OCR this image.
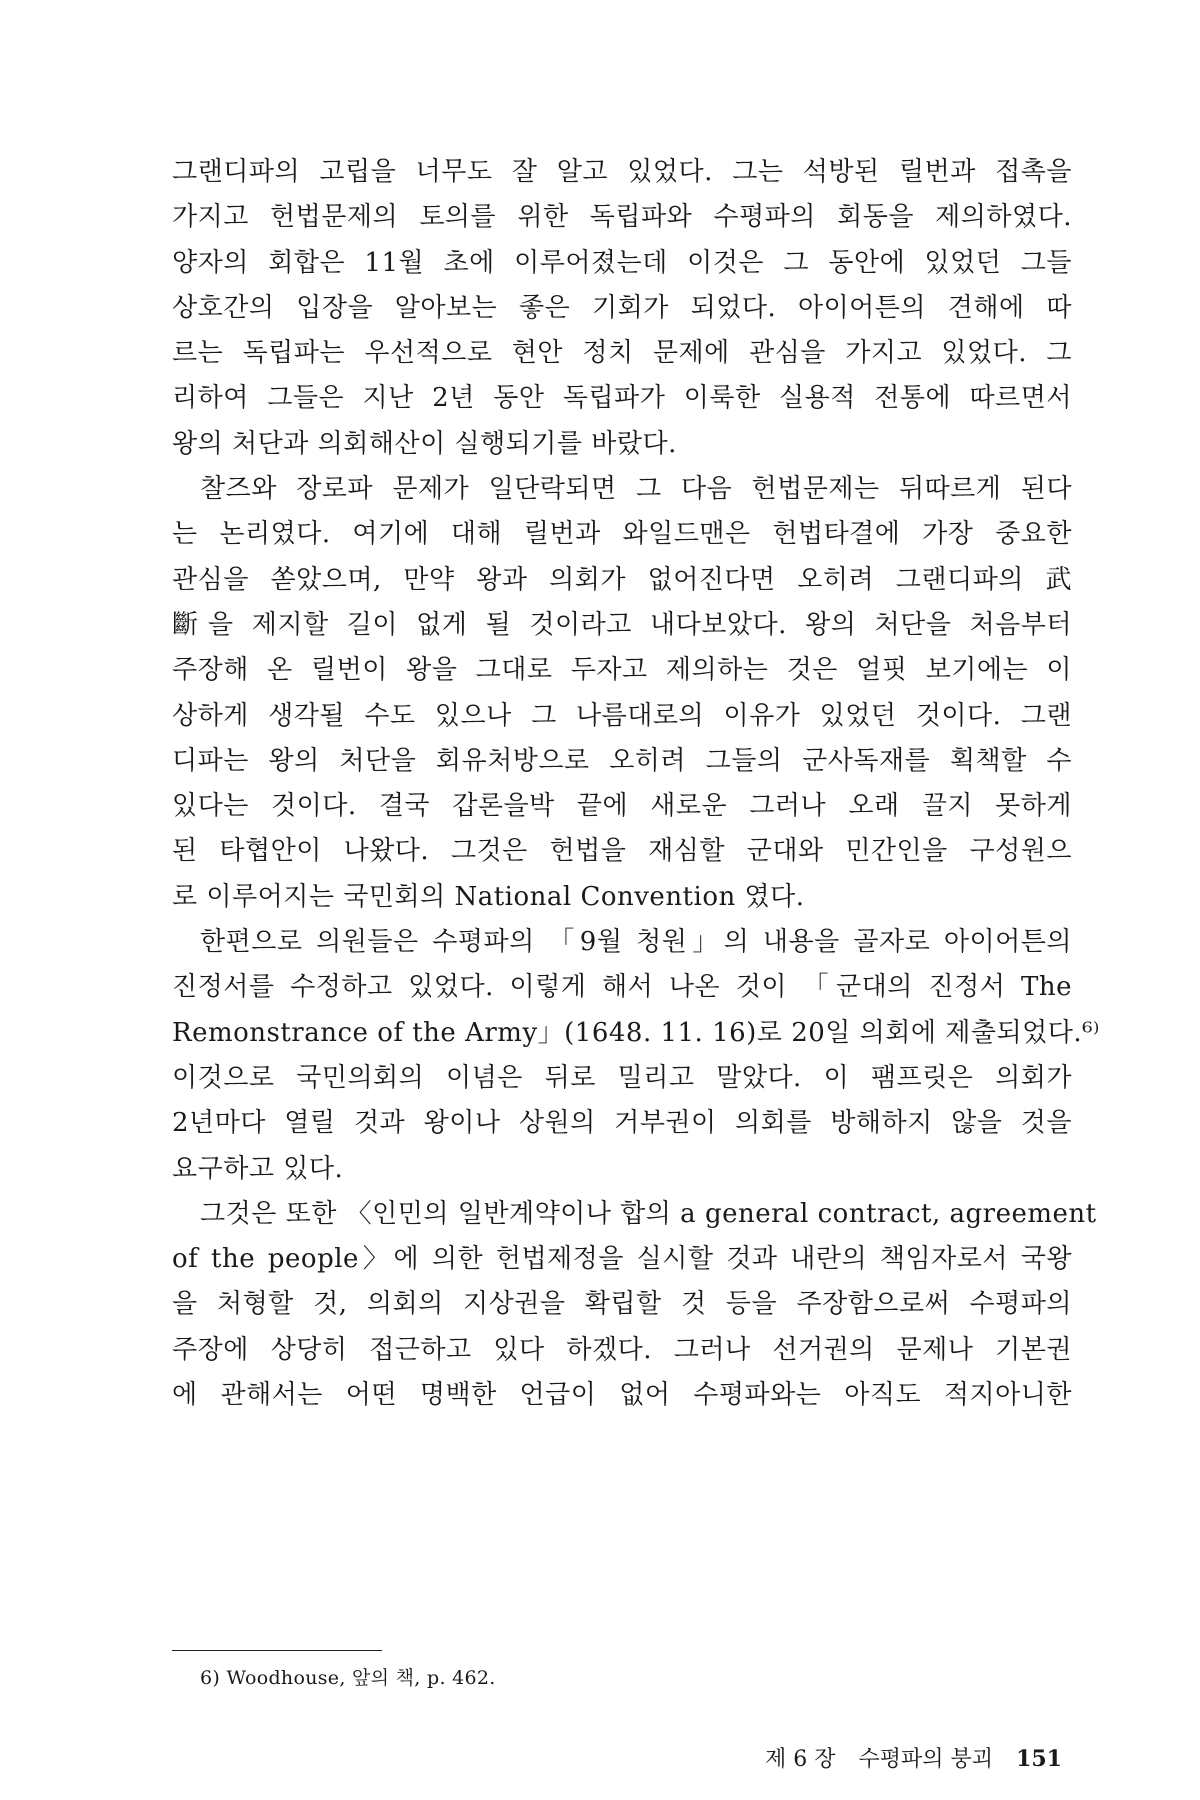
그랜디파의 고립을 너무도 잘 알고 있었다. 그는 석방된 릴번과 접촉을
가지고 헌법문제의 토의를 위한 독립파와 수평파의 회동을 제의하였다.
양자의 회합은 11월 초에 이루어졌는데 이것은 그 동안에 있었던 그들
상호간의 입장을 알아보는 좋은 기회가 되었다. 아이어튼의 견해에 따
르는 독립파는 우선적으로 현안 정치 문제에 관심을 가지고 있었다. 그
리하여 그들은 지난 2년 동안 독립파가 이룩한 실용적 전통에 따르면서
왕의 처단과 의회해산이 실행되기를 바랐다.
찰즈와 장로파 문제가 일단락되면 그 다음 헌법문제는 뒤따르게 된다
는 논리였다. 여기에 대해 릴번과 와일드맨은 헌법타결에 가장 중요한
관심을 쏟았으며, 만약 왕과 의회가 없어진다면 오히려 그랜디파의 武
斷을 제지할 길이 없게 될 것이라고 내다보았다. 왕의 처단을 처음부터
주장해 온 릴번이 왕을 그대로 두자고 제의하는 것은 얼핏 보기에는 이
상하게 생각될 수도 있으나 그 나름대로의 이유가 있었던 것이다. 그랜
디파는 왕의 처단을 회유처방으로 오히려 그들의 군사독재를 획책할 수
있다는 것이다. 결국 갑론을박 끝에 새로운 그러나 오래 끌지 못하게
된 타협안이 나왔다. 그것은 헌법을 재심할 군대와 민간인을 구성원으
로 이루어지는 국민회의 National Convention 였다.
한편으로 의원들은 수평파의 「9월 청원」의 내용을 골자로 아이어튼의
진정서를 수정하고 있었다. 이렇게 해서 나온 것이 「군대의 진정서 The
Remonstrance of the Army」(1648. 11. 16)로 20일 의회에 제출되었다.⁶⁾
이것으로 국민의회의 이념은 뒤로 밀리고 말았다. 이 팸프릿은 의회가
2년마다 열릴 것과 왕이나 상원의 거부권이 의회를 방해하지 않을 것을
요구하고 있다.
그것은 또한 〈인민의 일반계약이나 합의 a general contract, agreement
of the people〉에 의한 헌법제정을 실시할 것과 내란의 책임자로서 국왕
을 처형할 것, 의회의 지상권을 확립할 것 등을 주장함으로써 수평파의
주장에 상당히 접근하고 있다 하겠다. 그러나 선거권의 문제나 기본권
에 관해서는 어떤 명백한 언급이 없어 수평파와는 아직도 적지아니한
6) Woodhouse, 앞의 책, p. 462.
제 6 장 수평파의 붕괴 151
